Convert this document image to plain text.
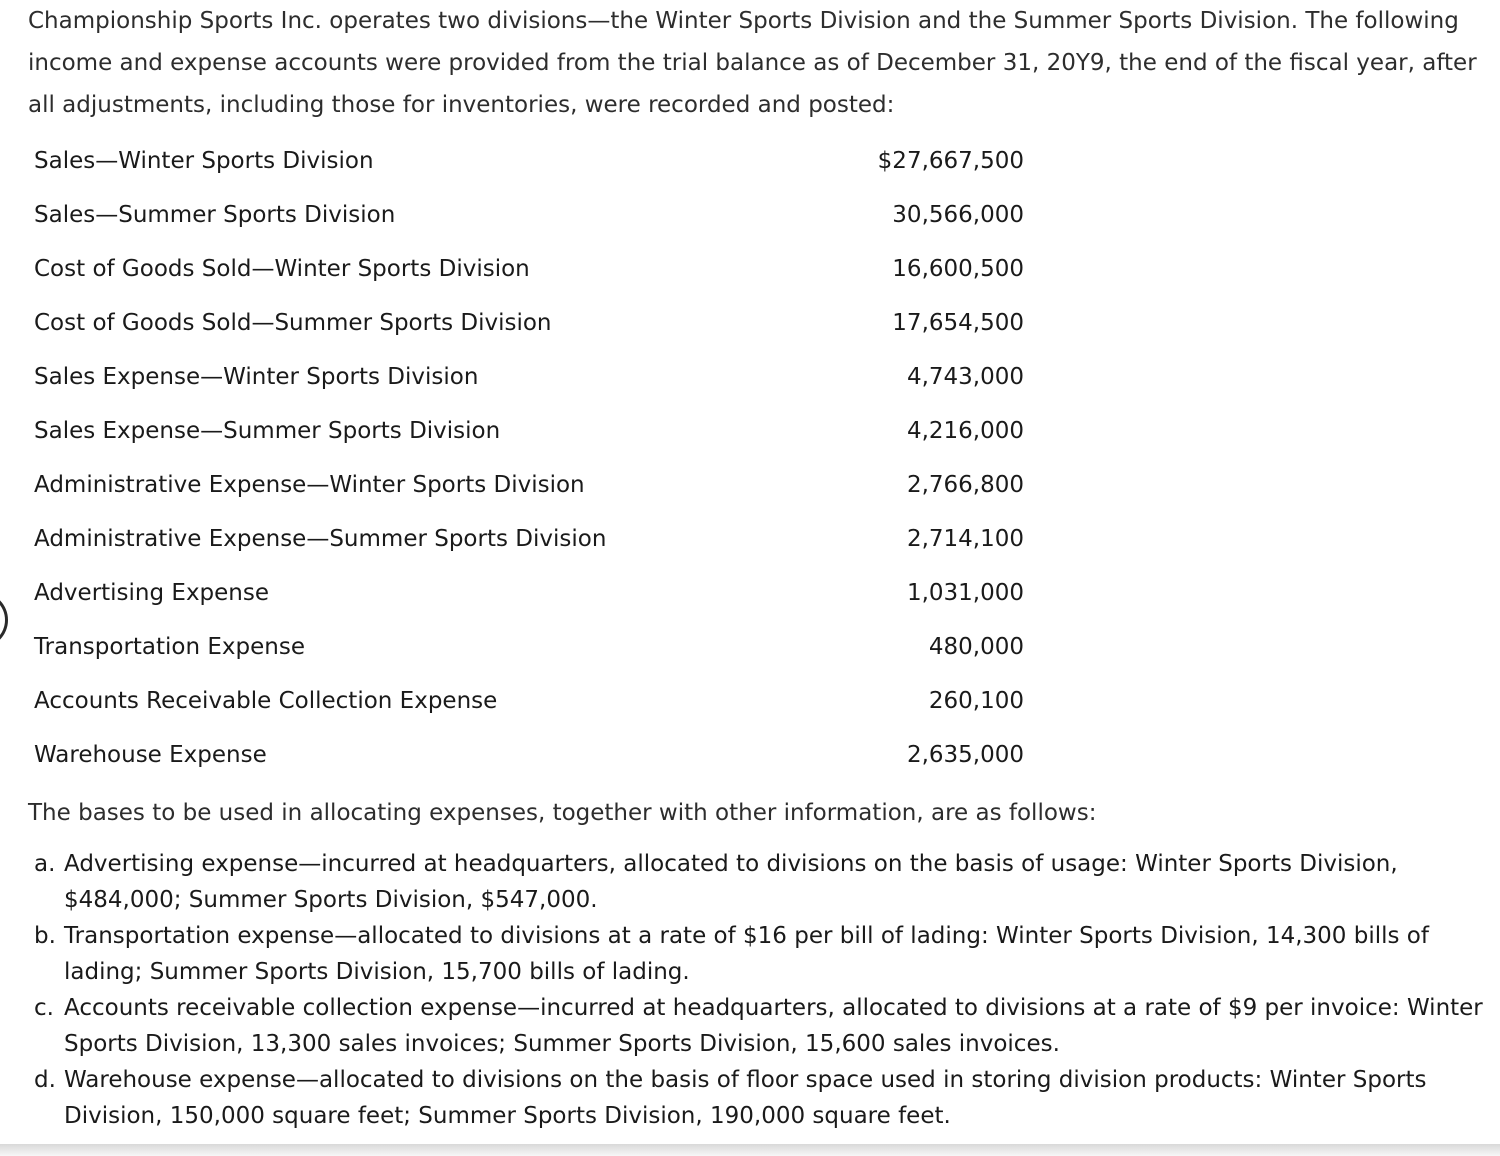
Championship Sports Inc. operates two divisions—the Winter Sports Division and the Summer Sports Division. The following income and expense accounts were provided from the trial balance as of December 31, 20Y9, the end of the fiscal year, after all adjustments, including those for inventories, were recorded and posted:

Sales—Winter Sports Division	$27,667,500
Sales—Summer Sports Division	30,566,000
Cost of Goods Sold—Winter Sports Division	16,600,500
Cost of Goods Sold—Summer Sports Division	17,654,500
Sales Expense—Winter Sports Division	4,743,000
Sales Expense—Summer Sports Division	4,216,000
Administrative Expense—Winter Sports Division	2,766,800
Administrative Expense—Summer Sports Division	2,714,100
Advertising Expense	1,031,000
Transportation Expense	480,000
Accounts Receivable Collection Expense	260,100
Warehouse Expense	2,635,000

The bases to be used in allocating expenses, together with other information, are as follows:

a. Advertising expense—incurred at headquarters, allocated to divisions on the basis of usage: Winter Sports Division, $484,000; Summer Sports Division, $547,000.
b. Transportation expense—allocated to divisions at a rate of $16 per bill of lading: Winter Sports Division, 14,300 bills of lading; Summer Sports Division, 15,700 bills of lading.
c. Accounts receivable collection expense—incurred at headquarters, allocated to divisions at a rate of $9 per invoice: Winter Sports Division, 13,300 sales invoices; Summer Sports Division, 15,600 sales invoices.
d. Warehouse expense—allocated to divisions on the basis of floor space used in storing division products: Winter Sports Division, 150,000 square feet; Summer Sports Division, 190,000 square feet.
